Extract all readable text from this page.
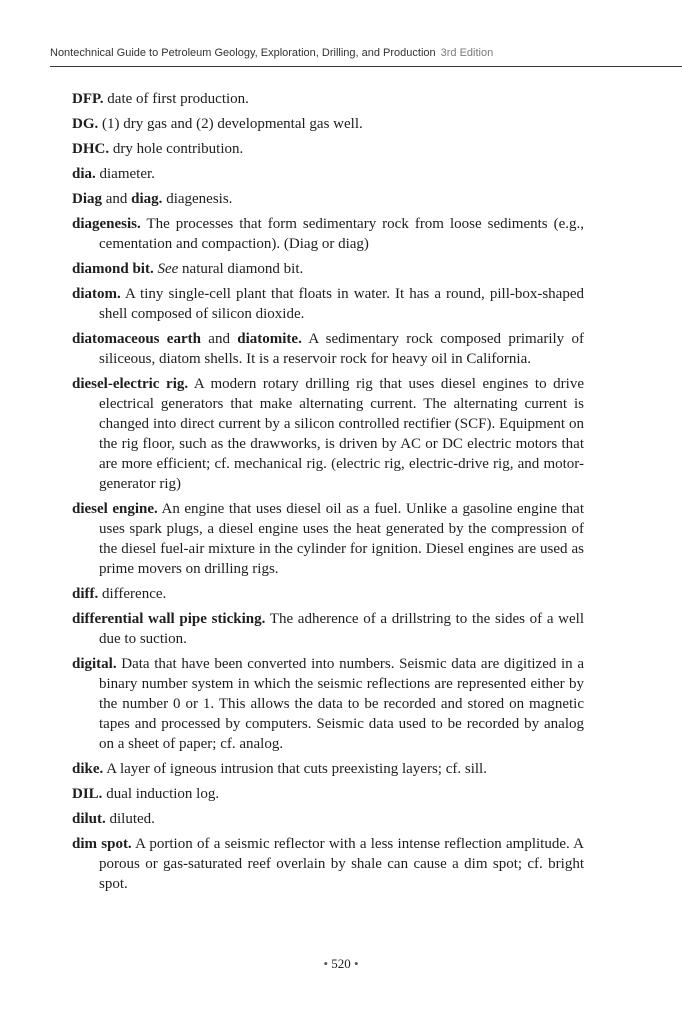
Nontechnical Guide to Petroleum Geology, Exploration, Drilling, and Production 3rd Edition

DFP. date of first production.

DG. (1) dry gas and (2) developmental gas well.

DHC. dry hole contribution.

dia. diameter.

Diag and diag. diagenesis.

diagenesis. The processes that form sedimentary rock from loose sediments (e.g., cementation and compaction). (Diag or diag)

diamond bit. See natural diamond bit.

diatom. A tiny single-cell plant that floats in water. It has a round, pill-box-shaped shell composed of silicon dioxide.

diatomaceous earth and diatomite. A sedimentary rock composed primarily of siliceous, diatom shells. It is a reservoir rock for heavy oil in California.

diesel-electric rig. A modern rotary drilling rig that uses diesel engines to drive electrical generators that make alternating current. The alternating current is changed into direct current by a silicon controlled rectifier (SCF). Equipment on the rig floor, such as the drawworks, is driven by AC or DC electric motors that are more efficient; cf. mechanical rig. (electric rig, electric-drive rig, and motor-generator rig)

diesel engine. An engine that uses diesel oil as a fuel. Unlike a gasoline engine that uses spark plugs, a diesel engine uses the heat generated by the compression of the diesel fuel-air mixture in the cylinder for ignition. Diesel engines are used as prime movers on drilling rigs.

diff. difference.

differential wall pipe sticking. The adherence of a drillstring to the sides of a well due to suction.

digital. Data that have been converted into numbers. Seismic data are digitized in a binary number system in which the seismic reflections are represented either by the number 0 or 1. This allows the data to be recorded and stored on magnetic tapes and processed by computers. Seismic data used to be recorded by analog on a sheet of paper; cf. analog.

dike. A layer of igneous intrusion that cuts preexisting layers; cf. sill.

DIL. dual induction log.

dilut. diluted.

dim spot. A portion of a seismic reflector with a less intense reflection amplitude. A porous or gas-saturated reef overlain by shale can cause a dim spot; cf. bright spot.

• 520 •
